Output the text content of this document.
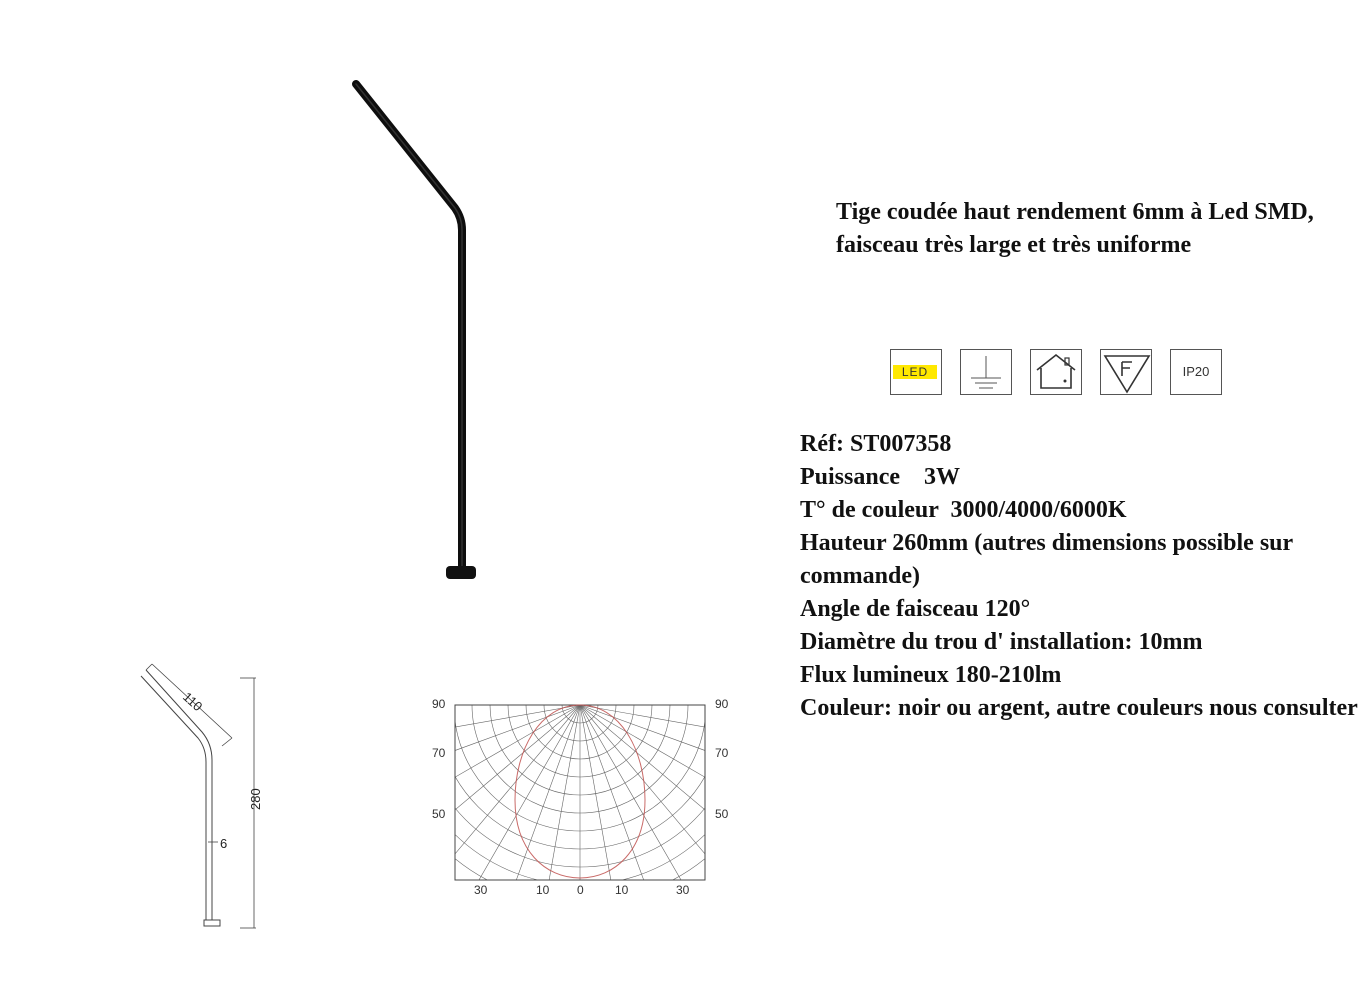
Tige coudée haut rendement 6mm à Led SMD, faisceau très large et très uniforme

LED	IP20
Réf: ST007358
Puissance    3W
T° de couleur  3000/4000/6000K
Hauteur 260mm (autres dimensions possible sur commande)
Angle de faisceau 120°
Diamètre du trou d' installation: 10mm
Flux lumineux 180-210lm
Couleur: noir ou argent, autre couleurs nous consulter
110
280
6
90
70
50
90
70
50
30	10 0	10	30
